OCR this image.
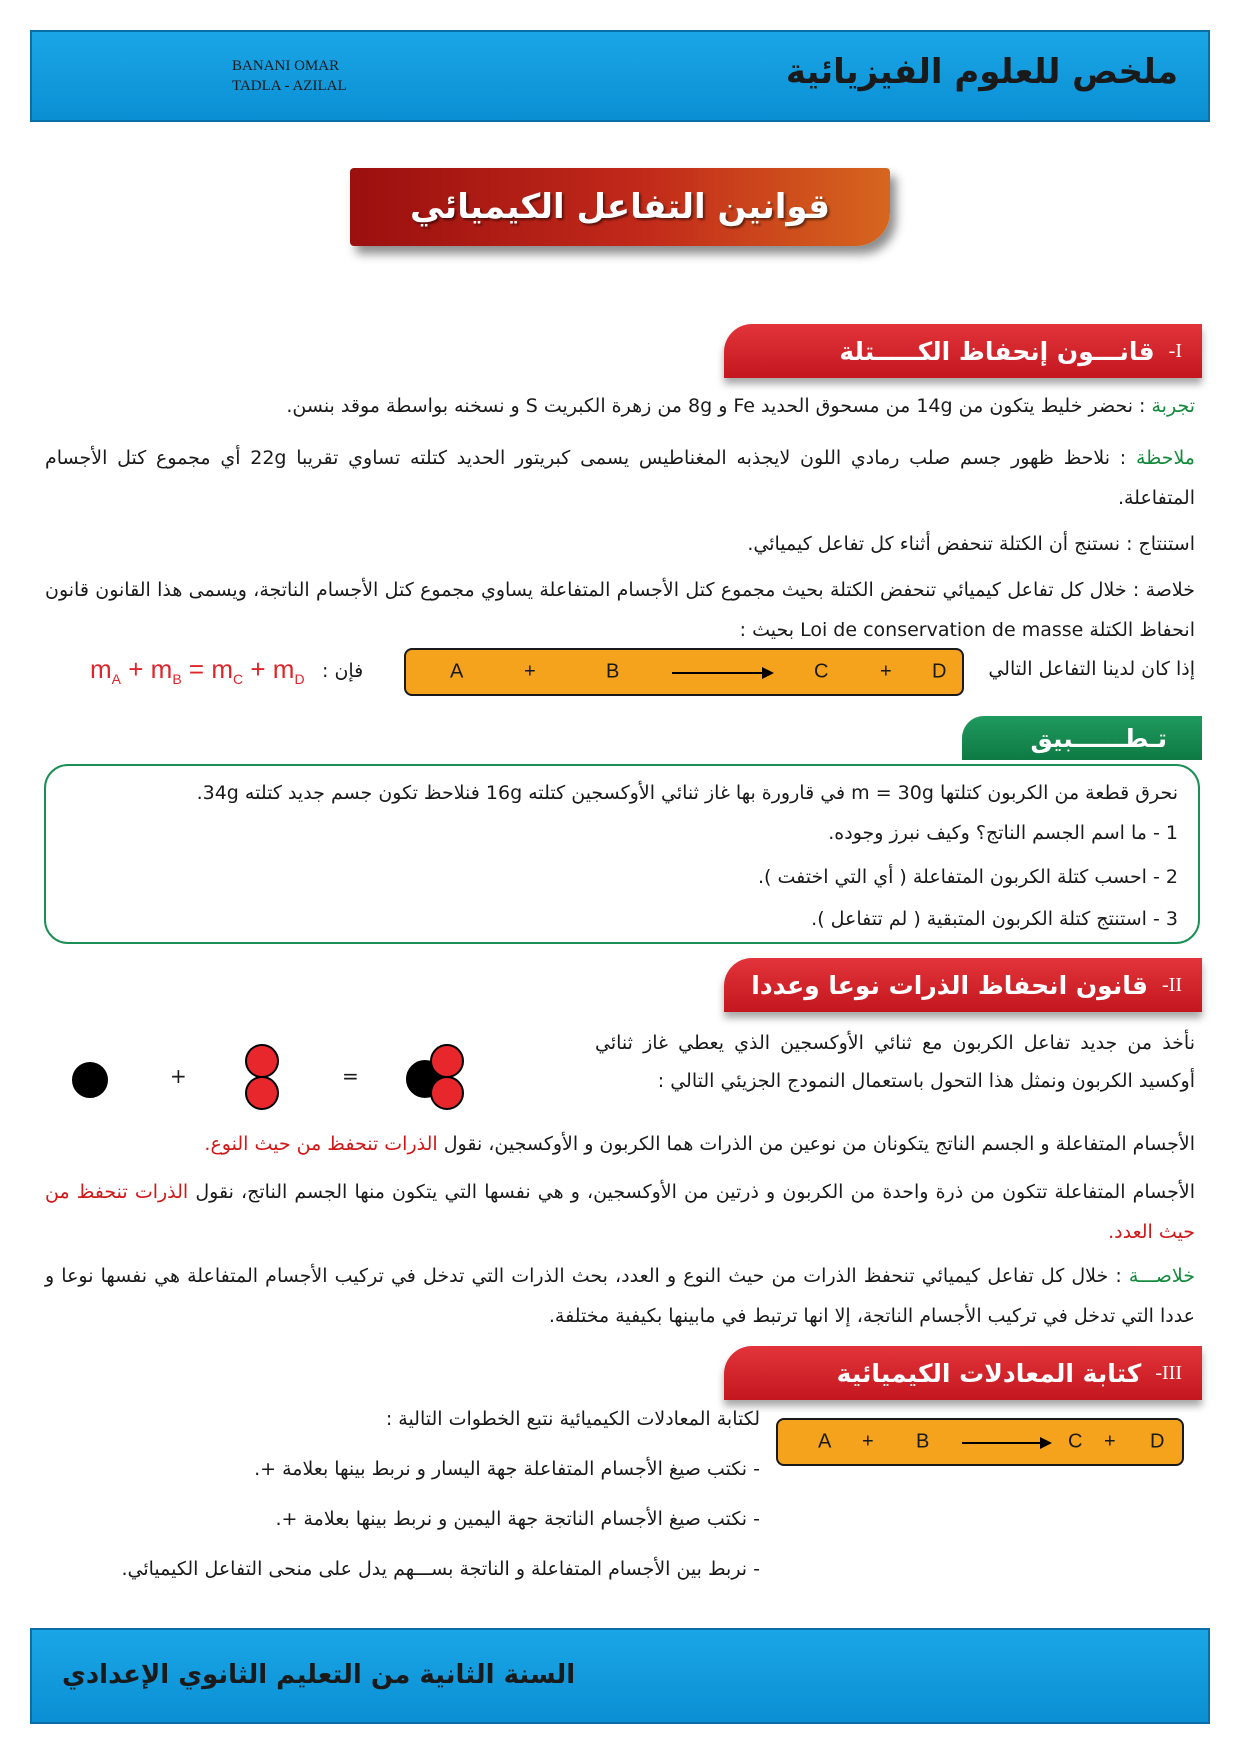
BANANI OMAR
TADLA - AZILAL	ملخص للعلوم الفيزيائية
قوانين التفاعل الكيميائي
قانـــون إنحفاظ الكـــــتلة -I
تجربة : نحضر خليط يتكون من 14g من مسحوق الحديد Fe و 8g من زهرة الكبريت S و نسخنه بواسطة موقد بنسن.
ملاحظة : نلاحظ ظهور جسم صلب رمادي اللون لايجذبه المغناطيس يسمى كبريتور الحديد كتلته تساوي تقريبا 22g أي مجموع كتل الأجسام المتفاعلة.
استنتاج : نستنج أن الكتلة تنحفض أثناء كل تفاعل كيميائي.
خلاصة : خلال كل تفاعل كيميائي تنحفض الكتلة بحيث مجموع كتل الأجسام المتفاعلة يساوي مجموع كتل الأجسام الناتجة، ويسمى هذا القانون قانون انحفاظ الكتلة Loi de conservation de masse بحيث :
إذا كان لدينا التفاعل التالي
A	+	B	C	+ D
فإن :
$m_A + m_B = m_C + m_D$
تـطــــــبيق
نحرق قطعة من الكربون كتلتها m = 30g في قارورة بها غاز ثنائي الأوكسجين كتلته 16g فنلاحظ تكون جسم جديد كتلته 34g.
1 - ما اسم الجسم الناتج؟ وكيف نبرز وجوده.
2 - احسب كتلة الكربون المتفاعلة ( أي التي اختفت ).
3 - استنتج كتلة الكربون المتبقية ( لم تتفاعل ).
قانون انحفاظ الذرات نوعا وعددا -II
نأخذ من جديد تفاعل الكربون مع ثنائي الأوكسجين الذي يعطي غاز ثنائي أوكسيد الكربون ونمثل هذا التحول باستعمال النمودج الجزيئي التالي :
+	=
الأجسام المتفاعلة و الجسم الناتج يتكونان من نوعين من الذرات هما الكربون و الأوكسجين، نقول الذرات تنحفظ من حيث النوع.
الأجسام المتفاعلة تتكون من ذرة واحدة من الكربون و ذرتين من الأوكسجين، و هي نفسها التي يتكون منها الجسم الناتج، نقول الذرات تنحفظ من حيث العدد.
خلاصـــة : خلال كل تفاعل كيميائي تنحفظ الذرات من حيث النوع و العدد، بحث الذرات التي تدخل في تركيب الأجسام المتفاعلة هي نفسها نوعا و عددا التي تدخل في تركيب الأجسام الناتجة، إلا انها ترتبط في مابينها بكيفية مختلفة.
كتابة المعادلات الكيميائية -III
لكتابة المعادلات الكيميائية نتبع الخطوات التالية :
- نكتب صيغ الأجسام المتفاعلة جهة اليسار و نربط بينها بعلامة +.
- نكتب صيغ الأجسام الناتجة جهة اليمين و نربط بينها بعلامة +.
- نربط بين الأجسام المتفاعلة و الناتجة بســـهم يدل على منحى التفاعل الكيميائي.
A + B	C + D
السنة الثانية من التعليم الثانوي الإعدادي
